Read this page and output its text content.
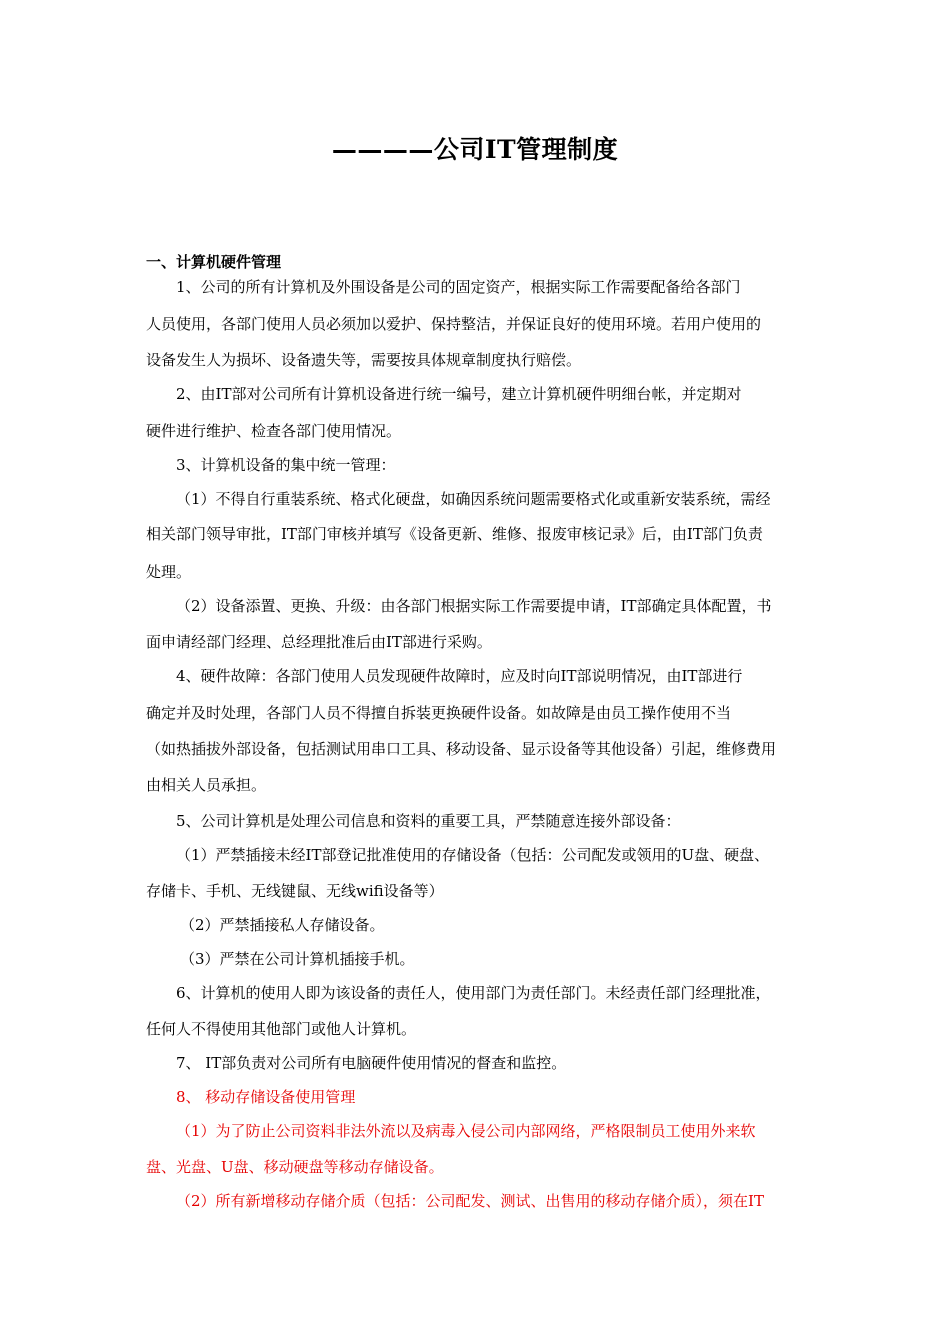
————公司IT管理制度
一、计算机硬件管理
1、公司的所有计算机及外围设备是公司的固定资产，根据实际工作需要配备给各部门
人员使用，各部门使用人员必须加以爱护、保持整洁，并保证良好的使用环境。若用户使用的
设备发生人为损坏、设备遗失等，需要按具体规章制度执行赔偿。
2、由IT部对公司所有计算机设备进行统一编号，建立计算机硬件明细台帐，并定期对
硬件进行维护、检查各部门使用情况。
3、计算机设备的集中统一管理：
（1）不得自行重装系统、格式化硬盘，如确因系统问题需要格式化或重新安装系统，需经
相关部门领导审批，IT部门审核并填写《设备更新、维修、报废审核记录》后，由IT部门负责
处理。
（2）设备添置、更换、升级：由各部门根据实际工作需要提申请，IT部确定具体配置，书
面申请经部门经理、总经理批准后由IT部进行采购。
4、硬件故障：各部门使用人员发现硬件故障时，应及时向IT部说明情况，由IT部进行
确定并及时处理，各部门人员不得擅自拆装更换硬件设备。如故障是由员工操作使用不当
（如热插拔外部设备，包括测试用串口工具、移动设备、显示设备等其他设备）引起，维修费用
由相关人员承担。
5、公司计算机是处理公司信息和资料的重要工具，严禁随意连接外部设备：
（1）严禁插接未经IT部登记批准使用的存储设备（包括：公司配发或领用的U盘、硬盘、
存储卡、手机、无线键鼠、无线wifi设备等）
（2）严禁插接私人存储设备。
（3）严禁在公司计算机插接手机。
6、计算机的使用人即为该设备的责任人，使用部门为责任部门。未经责任部门经理批准，
任何人不得使用其他部门或他人计算机。
7、 IT部负责对公司所有电脑硬件使用情况的督查和监控。
8、 移动存储设备使用管理
（1）为了防止公司资料非法外流以及病毒入侵公司内部网络，严格限制员工使用外来软
盘、光盘、U盘、移动硬盘等移动存储设备。
（2）所有新增移动存储介质（包括：公司配发、测试、出售用的移动存储介质），须在IT
